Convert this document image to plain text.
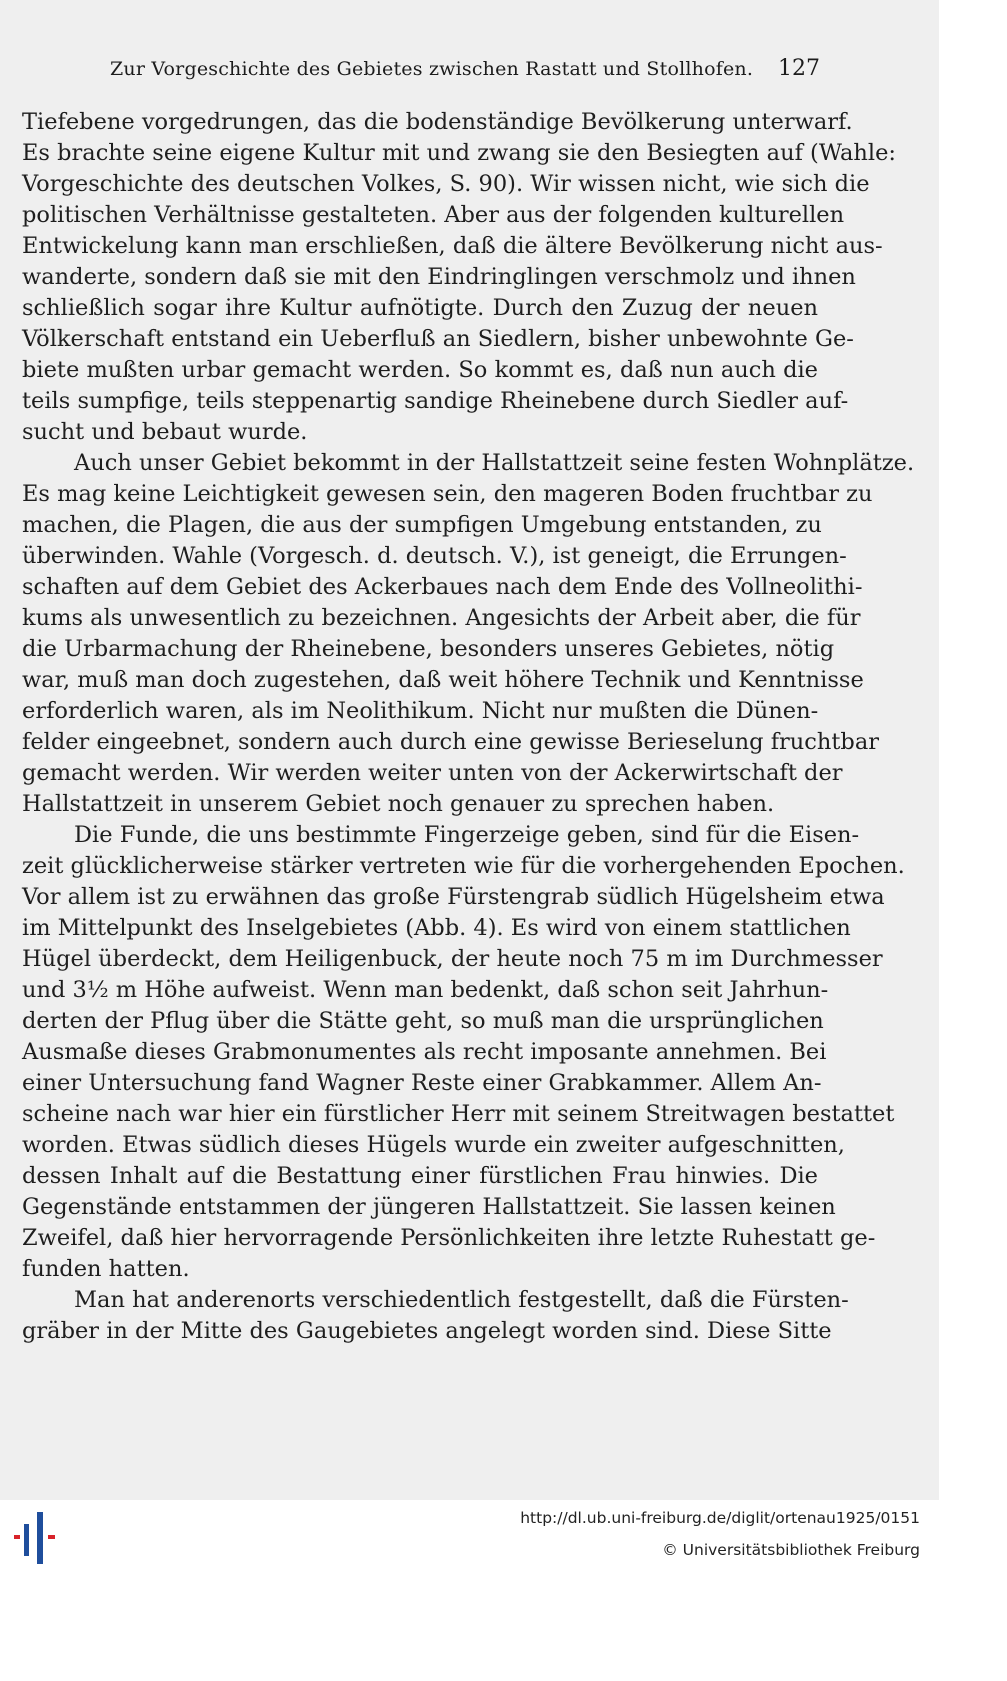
Zur Vorgeschichte des Gebietes zwischen Rastatt und Stollhofen. 127
Tiefebene vorgedrungen, das die bodenständige Bevölkerung unterwarf.
Es brachte seine eigene Kultur mit und zwang sie den Besiegten auf (Wahle:
Vorgeschichte des deutschen Volkes, S. 90). Wir wissen nicht, wie sich die
politischen Verhältnisse gestalteten. Aber aus der folgenden kulturellen
Entwickelung kann man erschließen, daß die ältere Bevölkerung nicht aus-
wanderte, sondern daß sie mit den Eindringlingen verschmolz und ihnen
schließlich sogar ihre Kultur aufnötigte. Durch den Zuzug der neuen
Völkerschaft entstand ein Ueberfluß an Siedlern, bisher unbewohnte Ge-
biete mußten urbar gemacht werden. So kommt es, daß nun auch die
teils sumpfige, teils steppenartig sandige Rheinebene durch Siedler auf-
sucht und bebaut wurde.
Auch unser Gebiet bekommt in der Hallstattzeit seine festen Wohnplätze.
Es mag keine Leichtigkeit gewesen sein, den mageren Boden fruchtbar zu
machen, die Plagen, die aus der sumpfigen Umgebung entstanden, zu
überwinden. Wahle (Vorgesch. d. deutsch. V.), ist geneigt, die Errungen-
schaften auf dem Gebiet des Ackerbaues nach dem Ende des Vollneolithi-
kums als unwesentlich zu bezeichnen. Angesichts der Arbeit aber, die für
die Urbarmachung der Rheinebene, besonders unseres Gebietes, nötig
war, muß man doch zugestehen, daß weit höhere Technik und Kenntnisse
erforderlich waren, als im Neolithikum. Nicht nur mußten die Dünen-
felder eingeebnet, sondern auch durch eine gewisse Berieselung fruchtbar
gemacht werden. Wir werden weiter unten von der Ackerwirtschaft der
Hallstattzeit in unserem Gebiet noch genauer zu sprechen haben.
Die Funde, die uns bestimmte Fingerzeige geben, sind für die Eisen-
zeit glücklicherweise stärker vertreten wie für die vorhergehenden Epochen.
Vor allem ist zu erwähnen das große Fürstengrab südlich Hügelsheim etwa
im Mittelpunkt des Inselgebietes (Abb. 4). Es wird von einem stattlichen
Hügel überdeckt, dem Heiligenbuck, der heute noch 75 m im Durchmesser
und 3½ m Höhe aufweist. Wenn man bedenkt, daß schon seit Jahrhun-
derten der Pflug über die Stätte geht, so muß man die ursprünglichen
Ausmaße dieses Grabmonumentes als recht imposante annehmen. Bei
einer Untersuchung fand Wagner Reste einer Grabkammer. Allem An-
scheine nach war hier ein fürstlicher Herr mit seinem Streitwagen bestattet
worden. Etwas südlich dieses Hügels wurde ein zweiter aufgeschnitten,
dessen Inhalt auf die Bestattung einer fürstlichen Frau hinwies. Die
Gegenstände entstammen der jüngeren Hallstattzeit. Sie lassen keinen
Zweifel, daß hier hervorragende Persönlichkeiten ihre letzte Ruhestatt ge-
funden hatten.
Man hat anderenorts verschiedentlich festgestellt, daß die Fürsten-
gräber in der Mitte des Gaugebietes angelegt worden sind. Diese Sitte
http://dl.ub.uni-freiburg.de/diglit/ortenau1925/0151
© Universitätsbibliothek Freiburg
